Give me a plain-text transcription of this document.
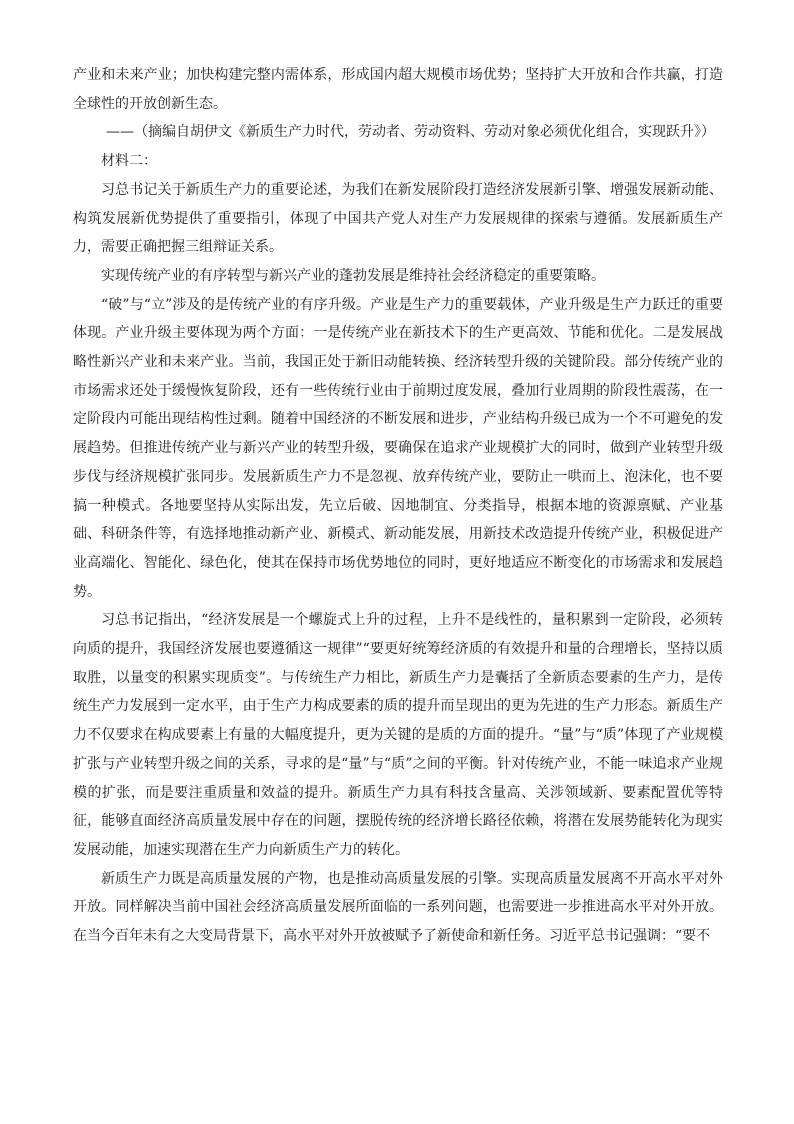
产业和未来产业；加快构建完整内需体系，形成国内超大规模市场优势；坚持扩大开放和合作共赢，打造全球性的开放创新生态。

——（摘编自胡伊文《新质生产力时代，劳动者、劳动资料、劳动对象必须优化组合，实现跃升》）

材料二：

习总书记关于新质生产力的重要论述，为我们在新发展阶段打造经济发展新引擎、增强发展新动能、构筑发展新优势提供了重要指引，体现了中国共产党人对生产力发展规律的探索与遵循。发展新质生产力，需要正确把握三组辩证关系。

实现传统产业的有序转型与新兴产业的蓬勃发展是维持社会经济稳定的重要策略。

“破”与“立”涉及的是传统产业的有序升级。产业是生产力的重要载体，产业升级是生产力跃迁的重要体现。产业升级主要体现为两个方面：一是传统产业在新技术下的生产更高效、节能和优化。二是发展战略性新兴产业和未来产业。当前，我国正处于新旧动能转换、经济转型升级的关键阶段。部分传统产业的市场需求还处于缓慢恢复阶段，还有一些传统行业由于前期过度发展，叠加行业周期的阶段性震荡，在一定阶段内可能出现结构性过剩。随着中国经济的不断发展和进步，产业结构升级已成为一个不可避免的发展趋势。但推进传统产业与新兴产业的转型升级，要确保在追求产业规模扩大的同时，做到产业转型升级步伐与经济规模扩张同步。发展新质生产力不是忽视、放弃传统产业，要防止一哄而上、泡沫化，也不要搞一种模式。各地要坚持从实际出发，先立后破、因地制宜、分类指导，根据本地的资源禀赋、产业基础、科研条件等，有选择地推动新产业、新模式、新动能发展，用新技术改造提升传统产业，积极促进产业高端化、智能化、绿色化，使其在保持市场优势地位的同时，更好地适应不断变化的市场需求和发展趋势。

习总书记指出，“经济发展是一个螺旋式上升的过程，上升不是线性的，量积累到一定阶段，必须转向质的提升，我国经济发展也要遵循这一规律”“要更好统筹经济质的有效提升和量的合理增长，坚持以质取胜，以量变的积累实现质变”。与传统生产力相比，新质生产力是囊括了全新质态要素的生产力，是传统生产力发展到一定水平，由于生产力构成要素的质的提升而呈现出的更为先进的生产力形态。新质生产力不仅要求在构成要素上有量的大幅度提升，更为关键的是质的方面的提升。“量”与“质”体现了产业规模扩张与产业转型升级之间的关系，寻求的是“量”与“质”之间的平衡。针对传统产业，不能一味追求产业规模的扩张，而是要注重质量和效益的提升。新质生产力具有科技含量高、关涉领域新、要素配置优等特征，能够直面经济高质量发展中存在的问题，摆脱传统的经济增长路径依赖，将潜在发展势能转化为现实发展动能，加速实现潜在生产力向新质生产力的转化。

新质生产力既是高质量发展的产物，也是推动高质量发展的引擎。实现高质量发展离不开高水平对外开放。同样解决当前中国社会经济高质量发展所面临的一系列问题，也需要进一步推进高水平对外开放。在当今百年未有之大变局背景下，高水平对外开放被赋予了新使命和新任务。习近平总书记强调：“要不
